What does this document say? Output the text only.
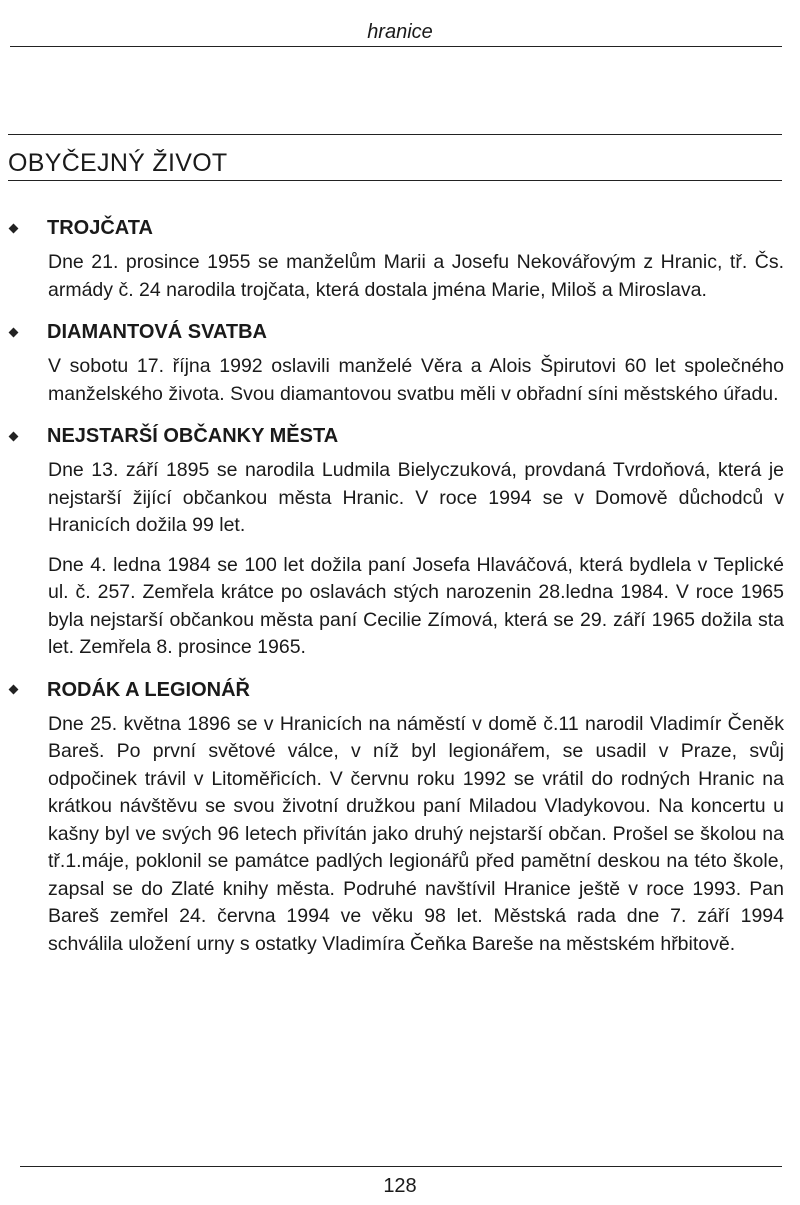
hranice
OBYČEJNÝ ŽIVOT
TROJČATA

Dne 21. prosince 1955 se manželům Marii a Josefu Nekovářovým z Hranic, tř. Čs. armády č. 24 narodila trojčata, která dostala jména Marie, Miloš a Miroslava.

DIAMANTOVÁ SVATBA

V sobotu 17. října 1992 oslavili manželé Věra a Alois Špirutovi 60 let společného manželského života. Svou diamantovou svatbu měli v obřadní síni městského úřadu.

NEJSTARŠÍ OBČANKY MĚSTA

Dne 13. září 1895 se narodila Ludmila Bielyczuková, provdaná Tvrdoňová, která je nejstarší žijící občankou města Hranic. V roce 1994 se v Domově důchodců v Hranicích dožila 99 let.

Dne 4. ledna 1984 se 100 let dožila paní Josefa Hlaváčová, která bydlela v Teplické ul. č. 257. Zemřela krátce po oslavách stých narozenin 28.ledna 1984. V roce 1965 byla nejstarší občankou města paní Cecilie Zímová, která se 29. září 1965 dožila sta let. Zemřela 8. prosince 1965.

RODÁK A LEGIONÁŘ

Dne 25. května 1896 se v Hranicích na náměstí v domě č.11 narodil Vladimír Čeněk Bareš. Po první světové válce, v níž byl legionářem, se usadil v Praze, svůj odpočinek trávil v Litoměřicích. V červnu roku 1992 se vrátil do rodných Hranic na krátkou návštěvu se svou životní družkou paní Miladou Vladykovou. Na koncertu u kašny byl ve svých 96 letech přivítán jako druhý nejstarší občan. Prošel se školou na tř.1.máje, poklonil se památce padlých legionářů před pamětní deskou na této škole, zapsal se do Zlaté knihy města. Podruhé navštívil Hranice ještě v roce 1993. Pan Bareš zemřel 24. června 1994 ve věku 98 let. Městská rada dne 7. září 1994 schválila uložení urny s ostatky Vladimíra Čeňka Bareše na městském hřbitově.

128
